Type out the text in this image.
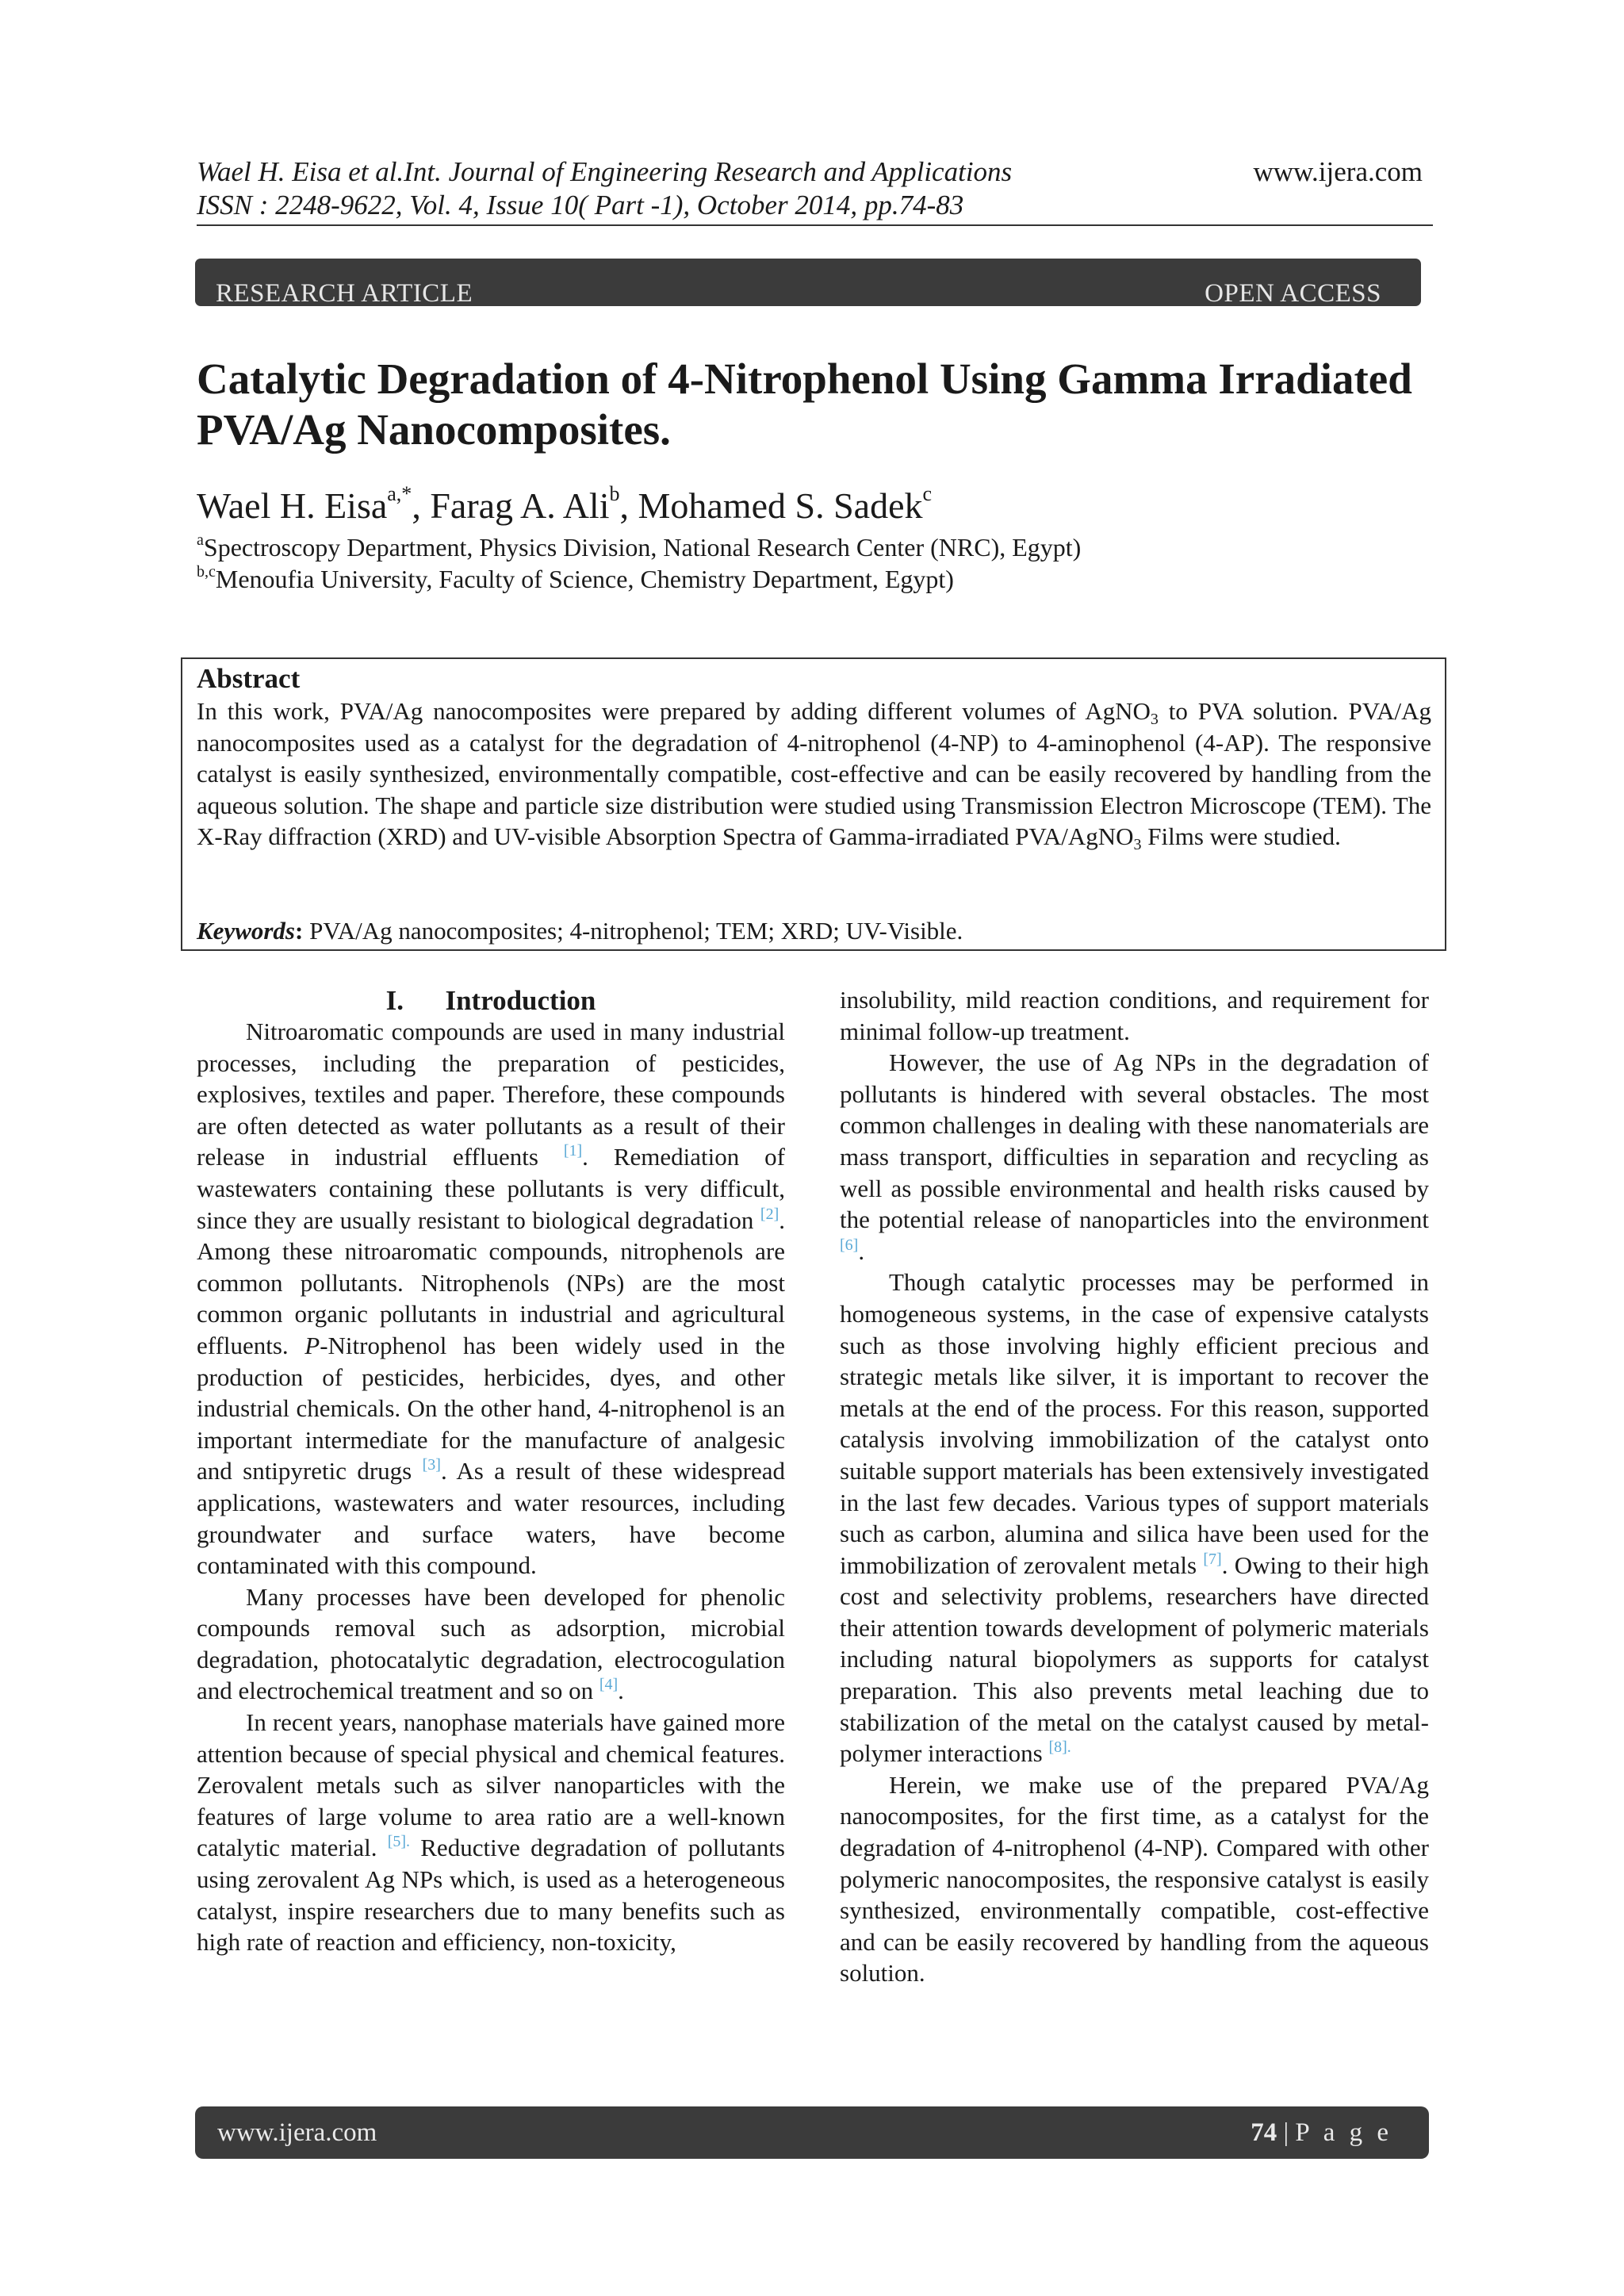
Wael H. Eisa et al.Int. Journal of Engineering Research and Applications
ISSN : 2248-9622, Vol. 4, Issue 10( Part -1), October 2014, pp.74-83
www.ijera.com
RESEARCH ARTICLE	OPEN ACCESS
Catalytic Degradation of 4-Nitrophenol Using Gamma Irradiated PVA/Ag Nanocomposites.
Wael H. Eisa$^{a,*}$, Farag A. Ali$^b$, Mohamed S. Sadek$^c$
$^a$Spectroscopy Department, Physics Division, National Research Center (NRC), Egypt)
$^{b,c}$Menoufia University, Faculty of Science, Chemistry Department, Egypt)
Abstract

In this work, PVA/Ag nanocomposites were prepared by adding different volumes of AgNO$_3$ to PVA solution. PVA/Ag nanocomposites used as a catalyst for the degradation of 4-nitrophenol (4-NP) to 4-aminophenol (4-AP). The responsive catalyst is easily synthesized, environmentally compatible, cost-effective and can be easily recovered by handling from the aqueous solution. The shape and particle size distribution were studied using Transmission Electron Microscope (TEM). The X-Ray diffraction (XRD) and UV-visible Absorption Spectra of Gamma-irradiated PVA/AgNO$_3$ Films were studied.

Keywords: PVA/Ag nanocomposites; 4-nitrophenol; TEM; XRD; UV-Visible.

I.      Introduction

Nitroaromatic compounds are used in many industrial processes, including the preparation of pesticides, explosives, textiles and paper. Therefore, these compounds are often detected as water pollutants as a result of their release in industrial effluents [1]. Remediation of wastewaters containing these pollutants is very difficult, since they are usually resistant to biological degradation [2]. Among these nitroaromatic compounds, nitrophenols are common pollutants. Nitrophenols (NPs) are the most common organic pollutants in industrial and agricultural effluents. P-Nitrophenol has been widely used in the production of pesticides, herbicides, dyes, and other industrial chemicals. On the other hand, 4-nitrophenol is an important intermediate for the manufacture of analgesic and sntipyretic drugs [3]. As a result of these widespread applications, wastewaters and water resources, including groundwater and surface waters, have become contaminated with this compound.

Many processes have been developed for phenolic compounds removal such as adsorption, microbial degradation, photocatalytic degradation, electrocogulation and electrochemical treatment and so on [4].

In recent years, nanophase materials have gained more attention because of special physical and chemical features. Zerovalent metals such as silver nanoparticles with the features of large volume to area ratio are a well-known catalytic material. $^{[5].}$ Reductive degradation of pollutants using zerovalent Ag NPs which, is used as a heterogeneous catalyst, inspire researchers due to many benefits such as high rate of reaction and efficiency, non-toxicity,

insolubility, mild reaction conditions, and requirement for minimal follow-up treatment.

However, the use of Ag NPs in the degradation of pollutants is hindered with several obstacles. The most common challenges in dealing with these nanomaterials are mass transport, difficulties in separation and recycling as well as possible environmental and health risks caused by the potential release of nanoparticles into the environment [6].

Though catalytic processes may be performed in homogeneous systems, in the case of expensive catalysts such as those involving highly efficient precious and strategic metals like silver, it is important to recover the metals at the end of the process. For this reason, supported catalysis involving immobilization of the catalyst onto suitable support materials has been extensively investigated in the last few decades. Various types of support materials such as carbon, alumina and silica have been used for the immobilization of zerovalent metals [7]. Owing to their high cost and selectivity problems, researchers have directed their attention towards development of polymeric materials including natural biopolymers as supports for catalyst preparation. This also prevents metal leaching due to stabilization of the metal on the catalyst caused by metal-polymer interactions $^{[8].}$

Herein, we make use of the prepared PVA/Ag nanocomposites, for the first time, as a catalyst for the degradation of 4-nitrophenol (4-NP). Compared with other polymeric nanocomposites, the responsive catalyst is easily synthesized, environmentally compatible, cost-effective and can be easily recovered by handling from the aqueous solution.

www.ijera.com	74 | P a g e
